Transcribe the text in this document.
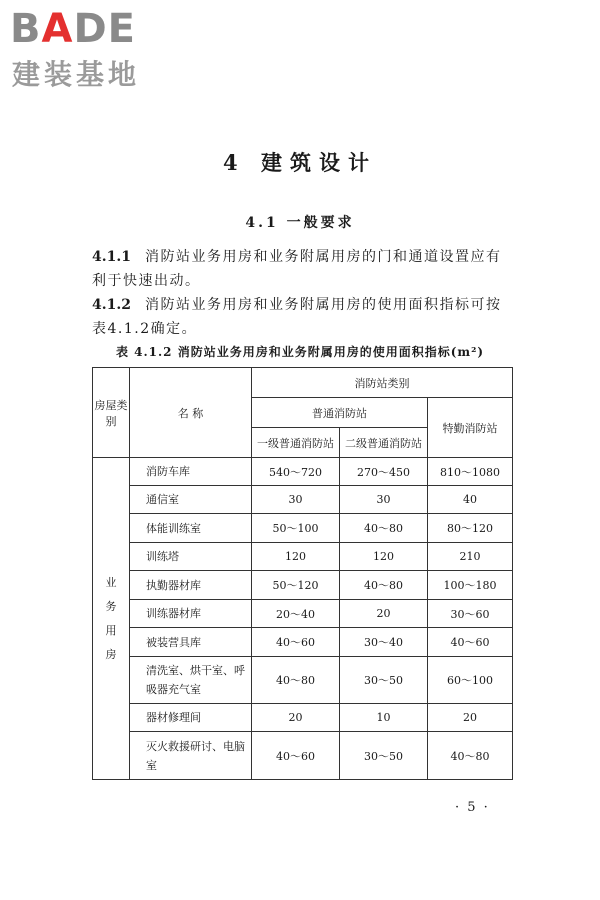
BADE
建装基地
4 建筑设计
4.1 一般要求
4.1.1 消防站业务用房和业务附属用房的门和通道设置应有利于快速出动。
4.1.2 消防站业务用房和业务附属用房的使用面积指标可按表4.1.2确定。
表 4.1.2 消防站业务用房和业务附属用房的使用面积指标(m²)
房屋类别	名 称	消防站类别		
		普通消防站		特勤消防站
		一级普通消防站	二级普通消防站	
业务用房	消防车库	540～720	270～450	810～1080
	通信室	30	30	40
	体能训练室	50～100	40～80	80～120
	训练塔	120	120	210
	执勤器材库	50～120	40～80	100～180
	训练器材库	20～40	20	30～60
	被装营具库	40～60	30～40	40～60
	清洗室、烘干室、呼吸器充气室	40～80	30～50	60～100
	器材修理间	20	10	20
	灭火救援研讨、电脑室	40～60	30～50	40～80
· 5 ·
